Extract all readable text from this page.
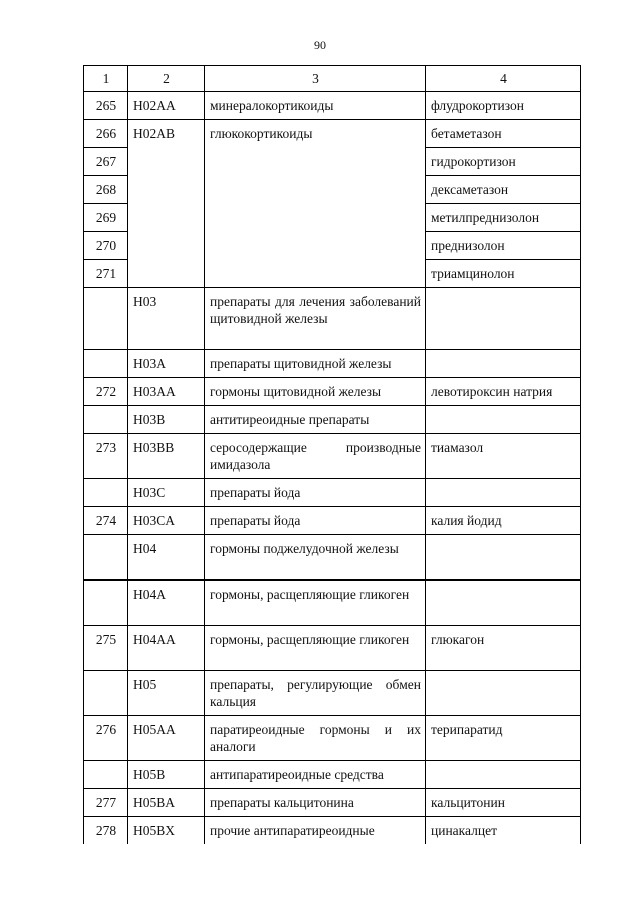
90
1	2	3	4
265	H02AA	минералокортикоиды	флудрокортизон
266	H02AB	глюкокортикоиды	бетаметазон
267			гидрокортизон
268			дексаметазон
269			метилпреднизолон
270			преднизолон
271			триамцинолон
	H03	препараты для лечения заболеваний щитовидной железы	
	H03A	препараты щитовидной железы	
272	H03AA	гормоны щитовидной железы	левотироксин натрия
	H03B	антитиреоидные препараты	
273	H03BB	серосодержащие производные имидазола	тиамазол
	H03C	препараты йода	
274	H03CA	препараты йода	калия йодид
	H04	гормоны поджелудочной железы	
	H04A	гормоны, расщепляющие гликоген	
275	H04AA	гормоны, расщепляющие гликоген	глюкагон
	H05	препараты, регулирующие обмен кальция	
276	H05AA	паратиреоидные гормоны и их аналоги	терипаратид
	H05B	антипаратиреоидные средства	
277	H05BA	препараты кальцитонина	кальцитонин
278	H05BX	прочие антипаратиреоидные	цинакалцет
